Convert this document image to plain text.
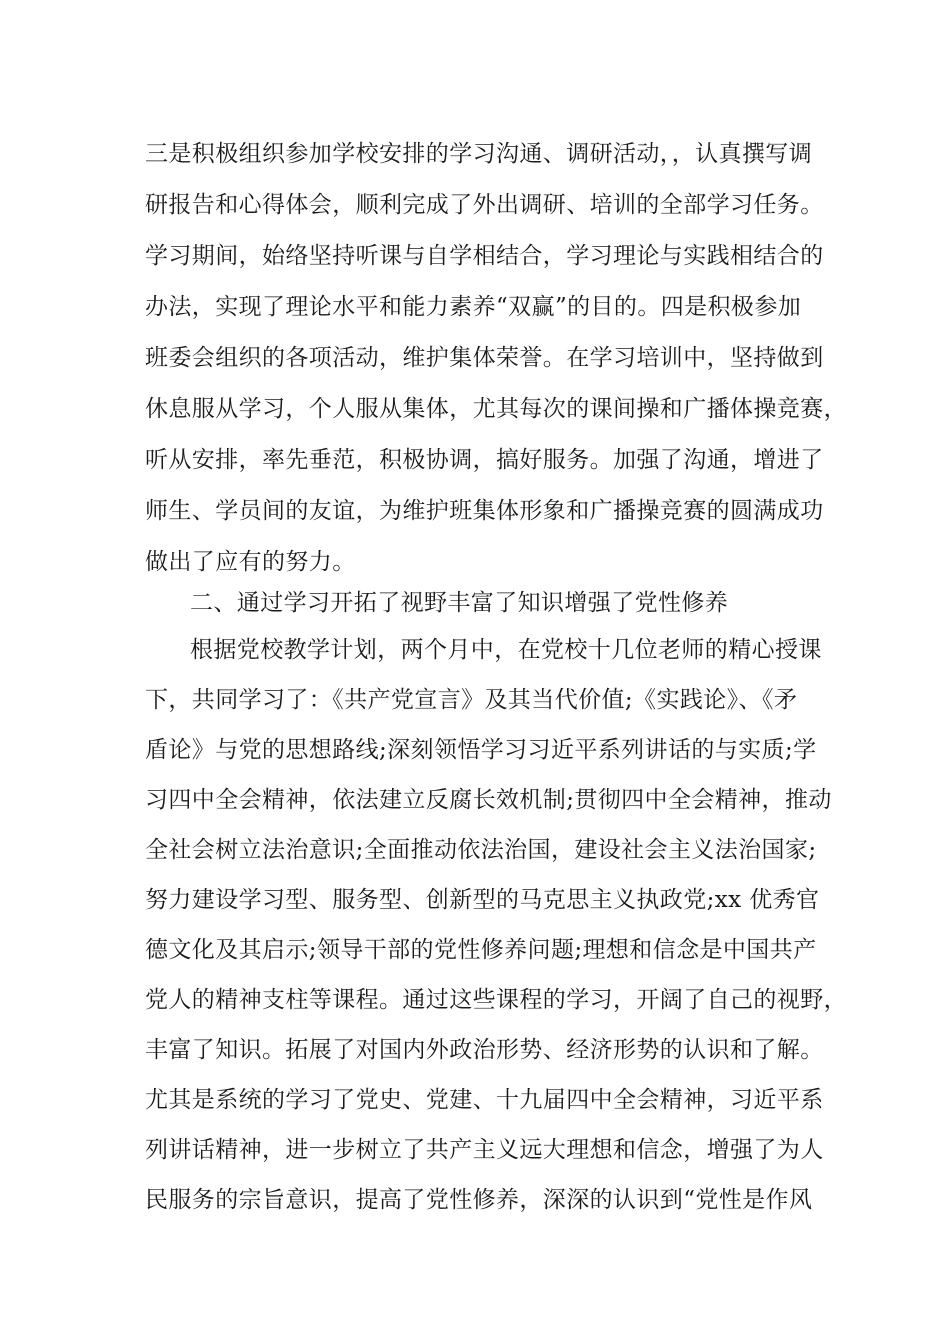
三是积极组织参加学校安排的学习沟通、调研活动，，认真撰写调
研报告和心得体会，顺利完成了外出调研、培训的全部学习任务。
学习期间，始络坚持听课与自学相结合，学习理论与实践相结合的
办法，实现了理论水平和能力素养“双赢”的目的。四是积极参加
班委会组织的各项活动，维护集体荣誉。在学习培训中，坚持做到
休息服从学习，个人服从集体，尤其每次的课间操和广播体操竞赛，
听从安排，率先垂范，积极协调，搞好服务。加强了沟通，增进了
师生、学员间的友谊，为维护班集体形象和广播操竞赛的圆满成功
做出了应有的努力。
二、通过学习开拓了视野丰富了知识增强了党性修养
根据党校教学计划，两个月中，在党校十几位老师的精心授课
下，共同学习了：《共产党宣言》及其当代价值;《实践论》、《矛
盾论》与党的思想路线;深刻领悟学习习近平系列讲话的与实质;学
习四中全会精神，依法建立反腐长效机制;贯彻四中全会精神，推动
全社会树立法治意识;全面推动依法治国，建设社会主义法治国家;
努力建设学习型、服务型、创新型的马克思主义执政党;xx 优秀官
德文化及其启示;领导干部的党性修养问题;理想和信念是中国共产
党人的精神支柱等课程。通过这些课程的学习，开阔了自己的视野，
丰富了知识。拓展了对国内外政治形势、经济形势的认识和了解。
尤其是系统的学习了党史、党建、十九届四中全会精神，习近平系
列讲话精神，进一步树立了共产主义远大理想和信念，增强了为人
民服务的宗旨意识，提高了党性修养，深深的认识到“党性是作风
